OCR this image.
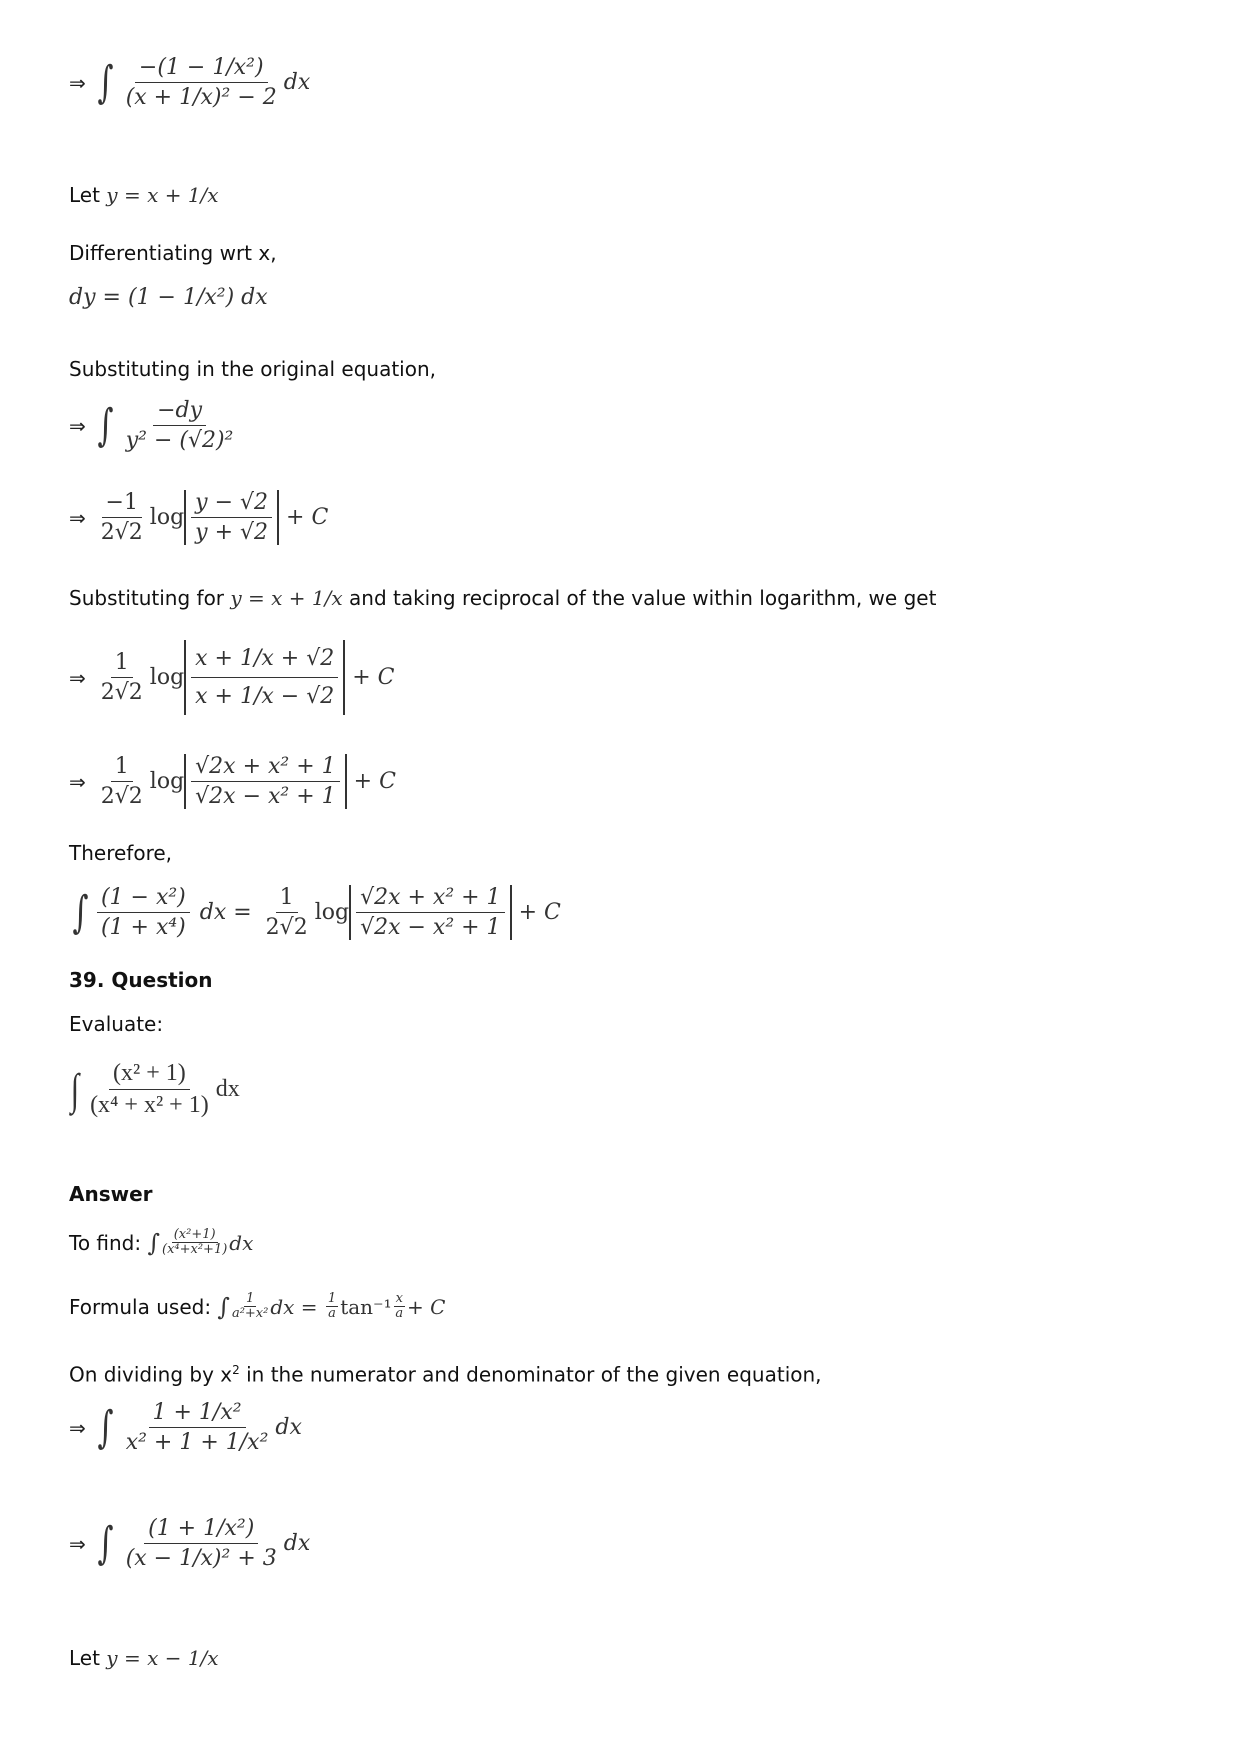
⇒ ∫ $\frac{\text{−(1 − 1/x²)}}{\text{(x + 1/x)² − 2}}$ dx
Let y = x + 1/x
Differentiating wrt x,
dy
= (1 − 1/x²) dx
Substituting in the original equation,
⇒ ∫ $\frac{-dy}{\text{y² − (√2)²}}$
⇒ $\frac{-1}{2√2}$ $\log \frac{y - √2}{y + √2}$
+ C
Substituting for y = x + 1/x and taking reciprocal of the value within logarithm, we get
⇒ $\frac{1}{2√2}$ $\log \frac{x + 1/x + √2}{x + 1/x - √2}$
+ C
⇒ $\frac{1}{2√2}$ $\log \frac{\text{√2x + x² + 1}}{\text{√2x − x² + 1}}$
+ C
Therefore,
∫ $\frac{\text{(1 − x²)}}{\text{(1 + x⁴)}}$
dx =
$\frac{1}{2√2}$ $\log \frac{\text{√2x + x² + 1}}{\text{√2x − x² + 1}}$
+ C
39. Question
Evaluate:
∫ $\frac{\text{(x² + 1)}}{\text{(x⁴ + x² + 1)}}$ dx
Answer
To find:
∫ $\frac{\text{(x²+1)}}{\text{(x⁴+x²+1)}}$ dx
Formula used:
∫ $\frac{1}{\text{a²+x²}}$ dx =
$\frac{1}{a} \tan^{-1} \frac{x}{a} + C$
On dividing by $x^2$ in the numerator and denominator of the given equation,
⇒ ∫ $\frac{\text{1 + 1/x²}}{\text{x² + 1 + 1/x²}}$ dx
⇒ ∫ $\frac{\text{(1 + 1/x²)}}{\text{(x − 1/x)² + 3}}$ dx
Let y = x − 1/x
